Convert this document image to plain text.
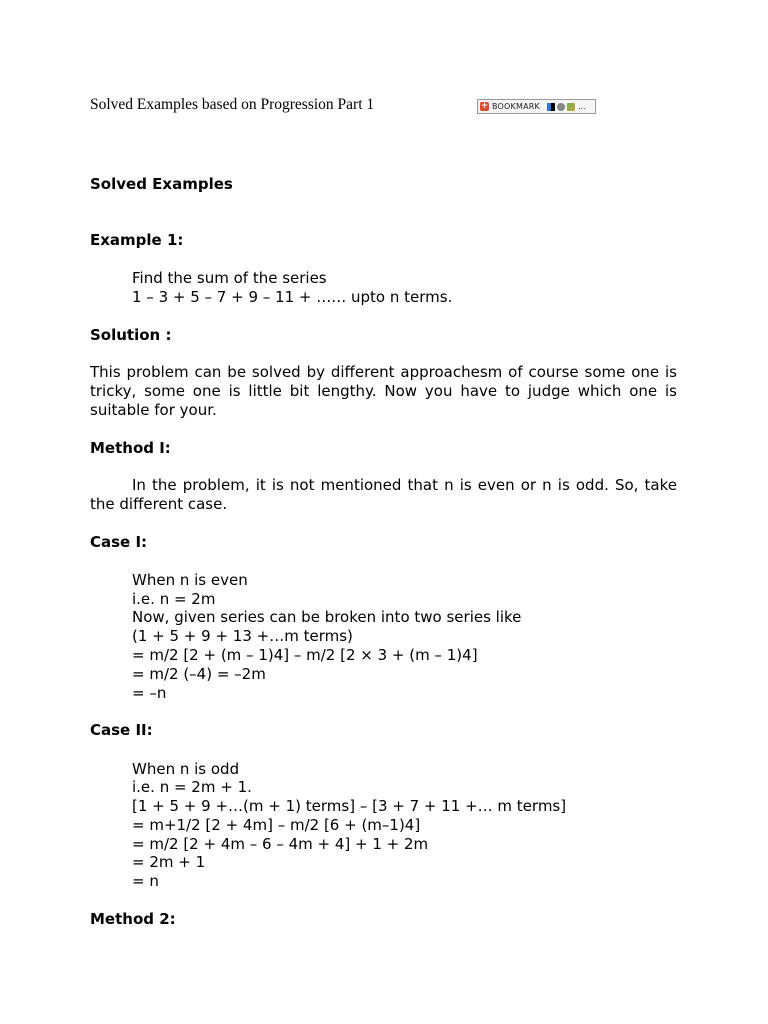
Solved Examples based on Progression Part 1	+ BOOKMARK	...
Solved Examples
Example 1:
Find the sum of the series
1 – 3 + 5 – 7 + 9 – 11 + …… upto n terms.
Solution :
This problem can be solved by different approachesm of course some one is tricky, some one is little bit lengthy. Now you have to judge which one is suitable for your.
Method I:
In the problem, it is not mentioned that n is even or n is odd. So, take the different case.
Case I:
When n is even
i.e. n = 2m
Now, given series can be broken into two series like
(1 + 5 + 9 + 13 +…m terms)
= m/2 [2 + (m – 1)4] – m/2 [2 × 3 + (m – 1)4]
= m/2 (–4) = –2m
= –n
Case II:
When n is odd
i.e. n = 2m + 1.
[1 + 5 + 9 +…(m + 1) terms] – [3 + 7 + 11 +… m terms]
= m+1/2 [2 + 4m] – m/2 [6 + (m–1)4]
= m/2 [2 + 4m – 6 – 4m + 4] + 1 + 2m
= 2m + 1
= n
Method 2:
